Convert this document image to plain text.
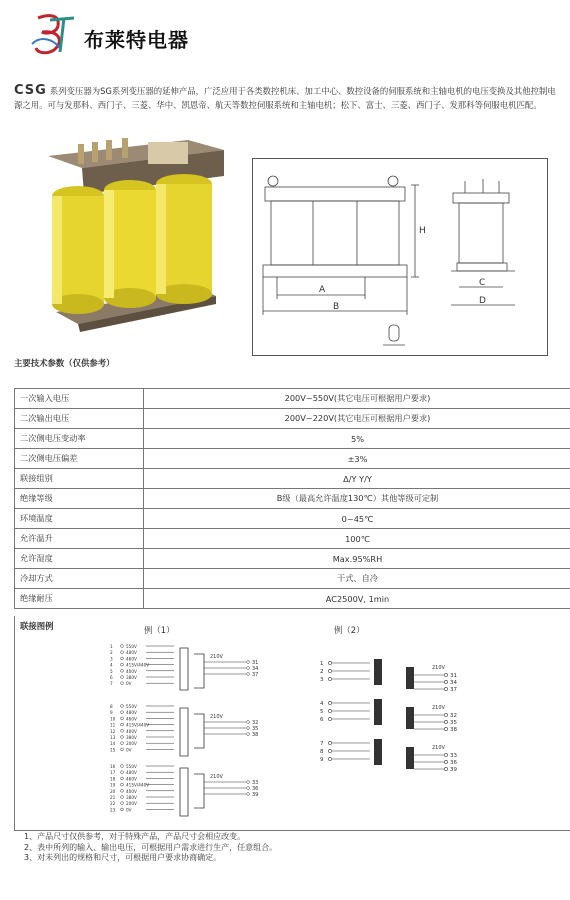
布莱特电器
CSG 系列变压器为SG系列变压器的延伸产品，广泛应用于各类数控机床、加工中心、数控设备的伺服系统和主轴电机的电压变换及其他控制电源之用。可与发那科、西门子、三菱、华中、凯恩帝、航天等数控伺服系统和主轴电机；松下、富士、三菱、西门子、发那科等伺服电机匹配。
H
A
B
C
D
主要技术参数（仅供参考）
一次输入电压	200V~550V(其它电压可根据用户要求)
二次输出电压	200V~220V(其它电压可根据用户要求)
二次侧电压变动率	5%
二次侧电压偏差	±3%
联接组别	Δ/Y Y/Y
绝缘等级	B级（最高允许温度130℃）其他等级可定制
环境温度	0~45℃
允许温升	100℃
允许湿度	Max.95%RH
冷却方式	干式、自冷
绝缘耐压	AC2500V, 1min
联接图例	例（1）	例（2）
1	550V
2	480V
3	460V
4	415V/440V
5	400V
6	380V
7	0V
210V
31
34
37
8	550V
9	480V
10	460V
11	415V/440V
12	400V
13	380V
14	200V
15	0V
210V
32
35
38
16	550V
17	480V
18	460V
19	415V/440V
20	400V
21	380V
22	200V
23	0V
210V
33
36
39
1
2
3
210V
31
34
37
4
5
6
210V
32
35
38
7
8
9
210V
33
36
39
1、产品尺寸仅供参考，对于特殊产品，产品尺寸会相应改变。
2、表中所列的输入、输出电压，可根据用户需求进行生产，任意组合。
3、对未列出的规格和尺寸，可根据用户要求协商确定。
